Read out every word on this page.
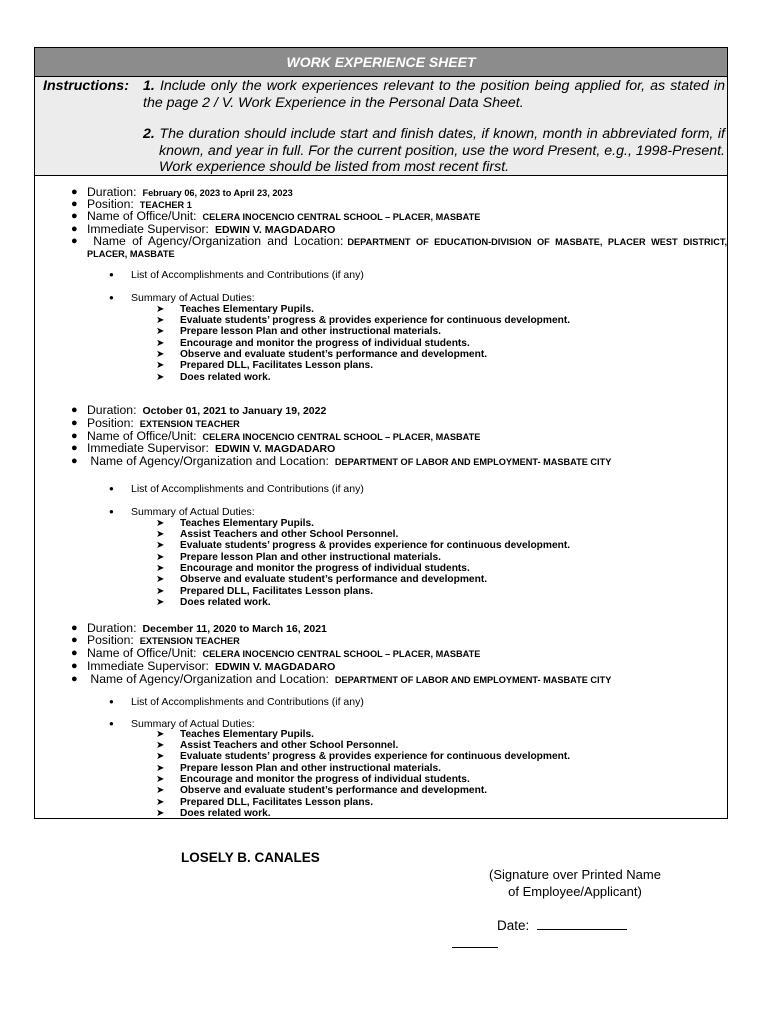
WORK EXPERIENCE SHEET
Instructions: 1. Include only the work experiences relevant to the position being applied for, as stated in the page 2 / V. Work Experience in the Personal Data Sheet.
2. The duration should include start and finish dates, if known, month in abbreviated form, if known, and year in full. For the current position, use the word Present, e.g., 1998-Present. Work experience should be listed from most recent first.
● Duration: February 06, 2023 to April 23, 2023
● Position: TEACHER 1
● Name of Office/Unit: CELERA INOCENCIO CENTRAL SCHOOL – PLACER, MASBATE
● Immediate Supervisor: EDWIN V. MAGDADARO
● Name of Agency/Organization and Location: DEPARTMENT OF EDUCATION-DIVISION OF MASBATE, PLACER WEST DISTRICT, PLACER, MASBATE
● List of Accomplishments and Contributions (if any)
● Summary of Actual Duties:
➤ Teaches Elementary Pupils.
➤ Evaluate students’ progress & provides experience for continuous development.
➤ Prepare lesson Plan and other instructional materials.
➤ Encourage and monitor the progress of individual students.
➤ Observe and evaluate student’s performance and development.
➤ Prepared DLL, Facilitates Lesson plans.
➤ Does related work.
● Duration: October 01, 2021 to January 19, 2022
● Position: EXTENSION TEACHER
● Name of Office/Unit: CELERA INOCENCIO CENTRAL SCHOOL – PLACER, MASBATE
● Immediate Supervisor: EDWIN V. MAGDADARO
● Name of Agency/Organization and Location: DEPARTMENT OF LABOR AND EMPLOYMENT- MASBATE CITY
● List of Accomplishments and Contributions (if any)
● Summary of Actual Duties:
➤ Teaches Elementary Pupils.
➤ Assist Teachers and other School Personnel.
➤ Evaluate students’ progress & provides experience for continuous development.
➤ Prepare lesson Plan and other instructional materials.
➤ Encourage and monitor the progress of individual students.
➤ Observe and evaluate student’s performance and development.
➤ Prepared DLL, Facilitates Lesson plans.
➤ Does related work.
● Duration: December 11, 2020 to March 16, 2021
● Position: EXTENSION TEACHER
● Name of Office/Unit: CELERA INOCENCIO CENTRAL SCHOOL – PLACER, MASBATE
● Immediate Supervisor: EDWIN V. MAGDADARO
● Name of Agency/Organization and Location: DEPARTMENT OF LABOR AND EMPLOYMENT- MASBATE CITY
● List of Accomplishments and Contributions (if any)
● Summary of Actual Duties:
➤ Teaches Elementary Pupils.
➤ Assist Teachers and other School Personnel.
➤ Evaluate students’ progress & provides experience for continuous development.
➤ Prepare lesson Plan and other instructional materials.
➤ Encourage and monitor the progress of individual students.
➤ Observe and evaluate student’s performance and development.
➤ Prepared DLL, Facilitates Lesson plans.
➤ Does related work.
LOSELY B. CANALES
(Signature over Printed Name
of Employee/Applicant)
Date:
